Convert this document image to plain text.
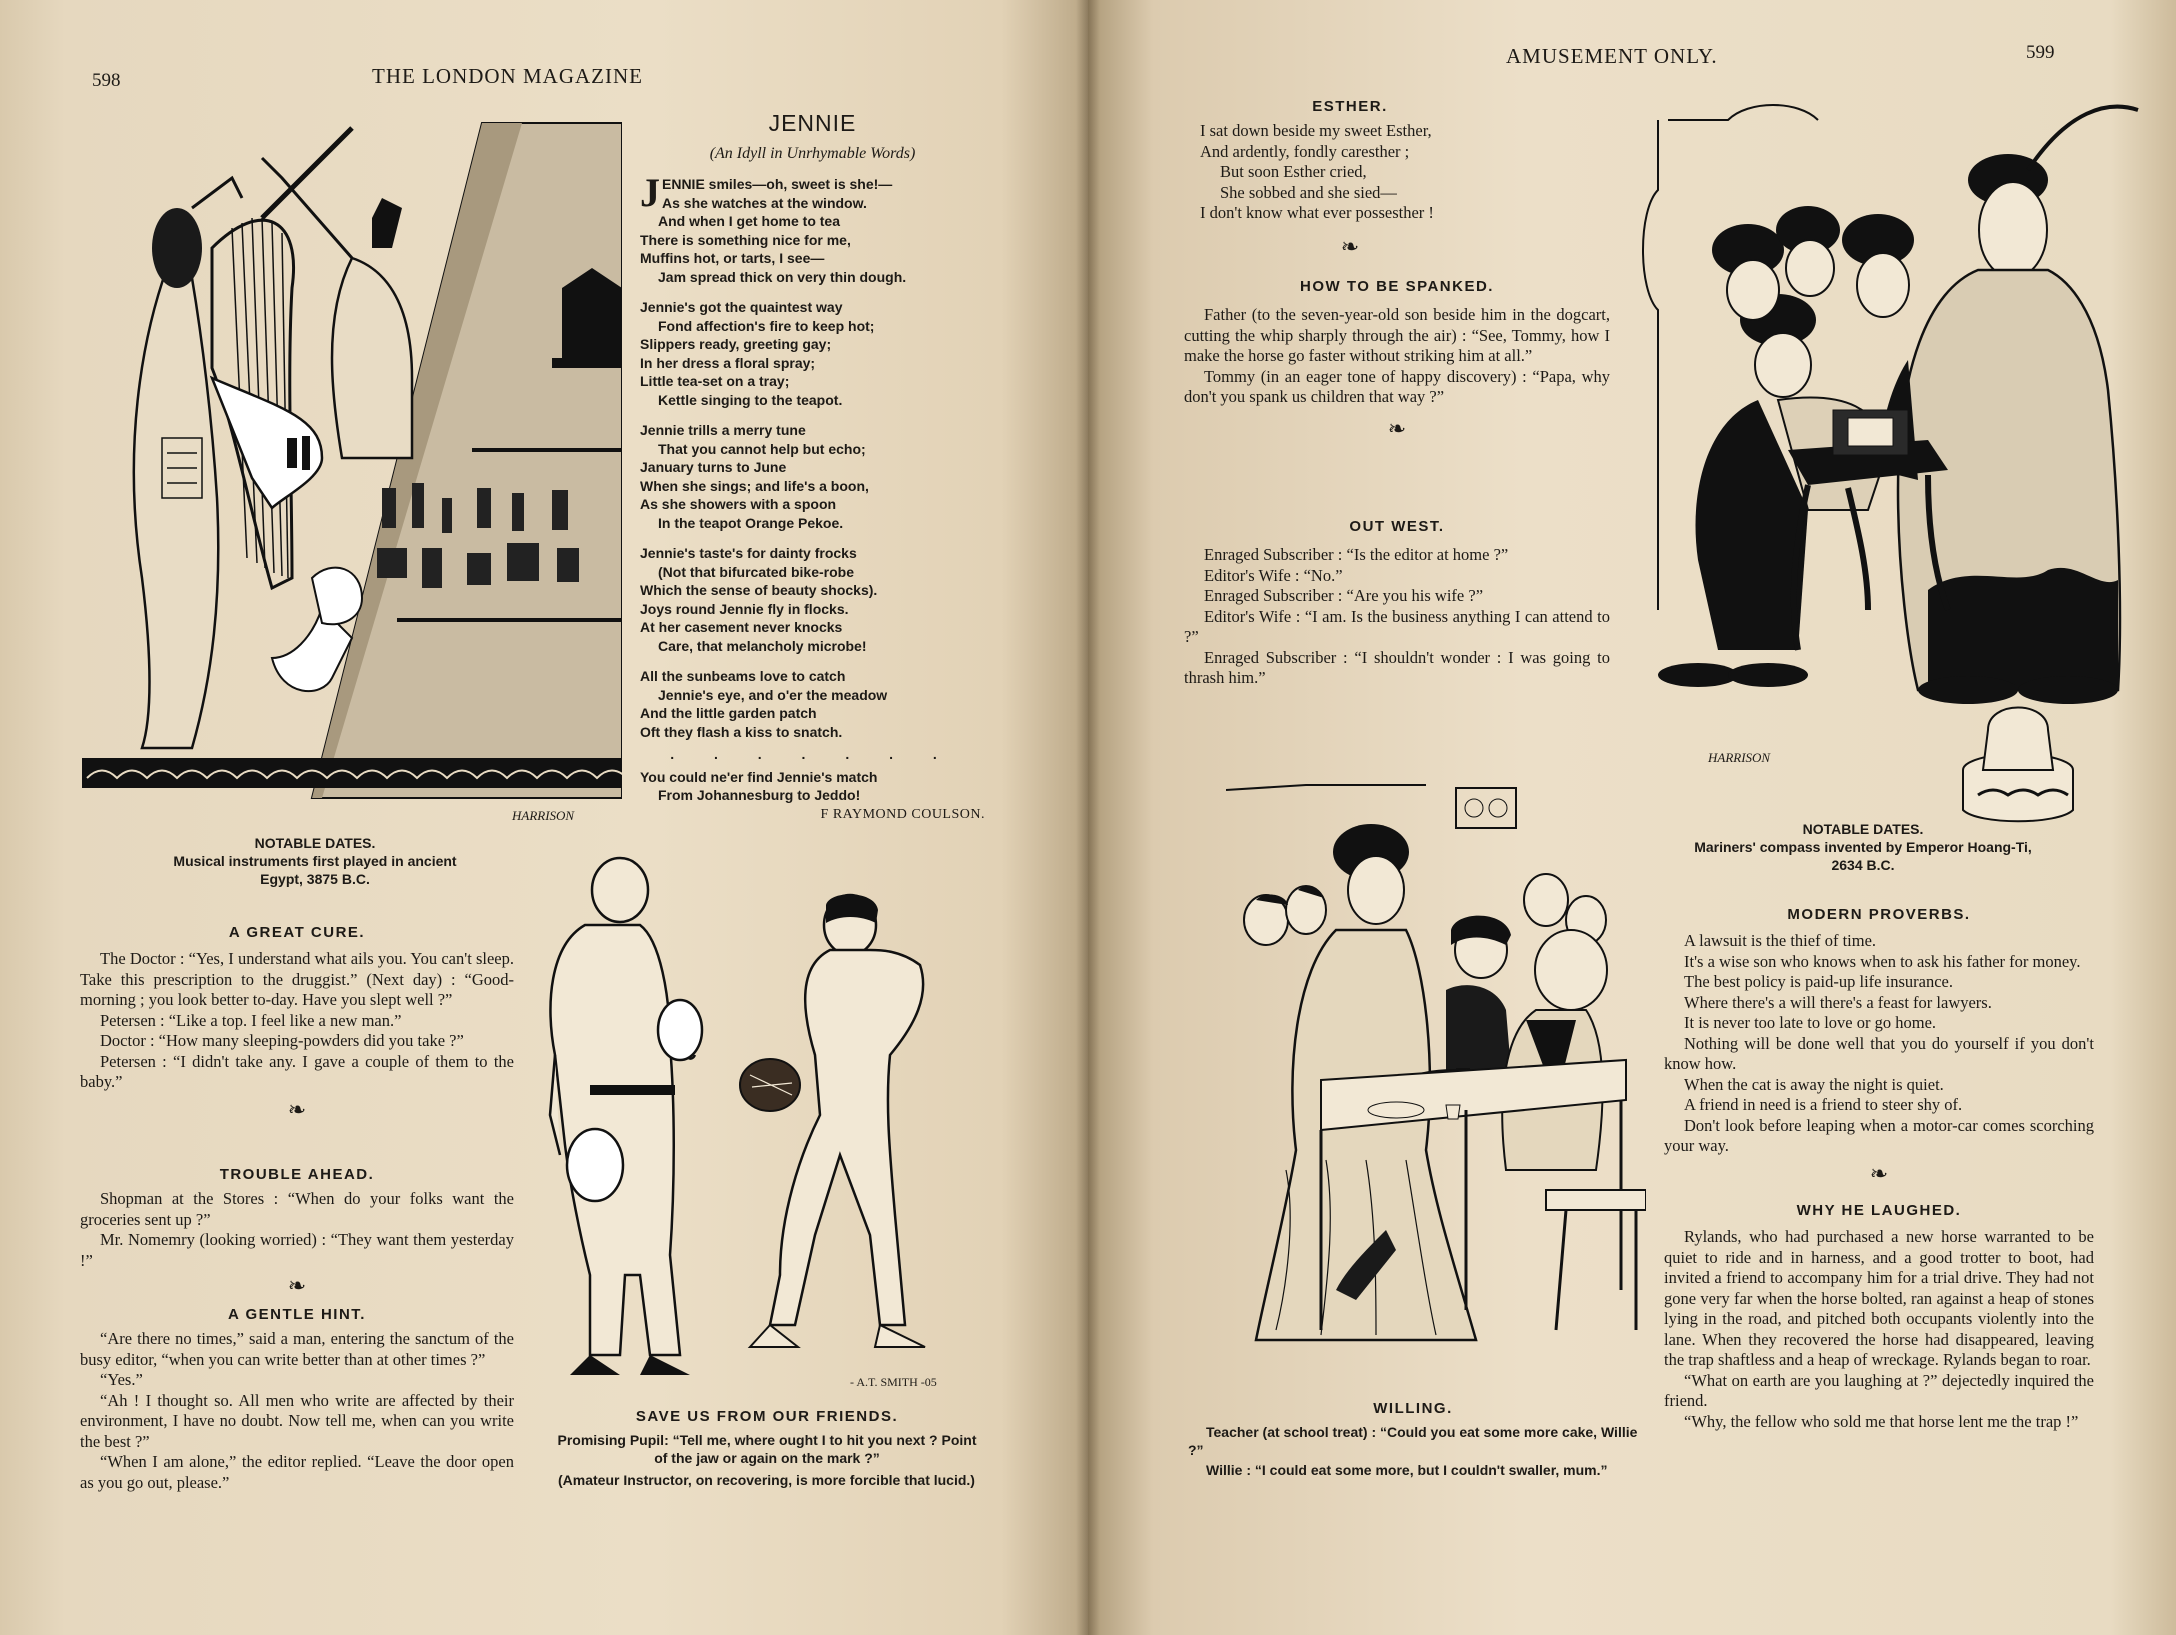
598	THE LONDON MAGAZINE
HARRISON
JENNIE
(An Idyll in Unrhymable Words)
J ENNIE smiles—oh, sweet is she!—
As she watches at the window.
And when I get home to tea
There is something nice for me,
Muffins hot, or tarts, I see—
Jam spread thick on very thin dough.
Jennie's got the quaintest way
Fond affection's fire to keep hot;
Slippers ready, greeting gay;
In her dress a floral spray;
Little tea-set on a tray;
Kettle singing to the teapot.
Jennie trills a merry tune
That you cannot help but echo;
January turns to June
When she sings; and life's a boon,
As she showers with a spoon
In the teapot Orange Pekoe.
Jennie's taste's for dainty frocks
(Not that bifurcated bike-robe
Which the sense of beauty shocks).
Joys round Jennie fly in flocks.
At her casement never knocks
Care, that melancholy microbe!
All the sunbeams love to catch
Jennie's eye, and o'er the meadow
And the little garden patch
Oft they flash a kiss to snatch.
. . . . . . .
You could ne'er find Jennie's match
From Johannesburg to Jeddo!
F RAYMOND COULSON.
NOTABLE DATES.
Musical instruments first played in ancient
Egypt, 3875 B.C.
A GREAT CURE.

The Doctor : “Yes, I understand what ails you. You can't sleep. Take this prescription to the druggist.” (Next day) : “Good-morning ; you look better to-day. Have you slept well ?”

Petersen : “Like a top. I feel like a new man.”

Doctor : “How many sleeping-powders did you take ?”

Petersen : “I didn't take any. I gave a couple of them to the baby.”

❧
TROUBLE AHEAD.

Shopman at the Stores : “When do your folks want the groceries sent up ?”

Mr. Nomemry (looking worried) : “They want them yesterday !”

❧
A GENTLE HINT.

“Are there no times,” said a man, entering the sanctum of the busy editor, “when you can write better than at other times ?”

“Yes.”

“Ah ! I thought so. All men who write are affected by their environment, I have no doubt. Now tell me, when can you write the best ?”

“When I am alone,” the editor replied. “Leave the door open as you go out, please.”

- A.T. SMITH -05
SAVE US FROM OUR FRIENDS.
Promising Pupil: “Tell me, where ought I to hit you next ? Point of the jaw or again on the mark ?”
(Amateur Instructor, on recovering, is more forcible that lucid.)
AMUSEMENT ONLY.	599
ESTHER.
I sat down beside my sweet Esther,
And ardently, fondly caresther ;
But soon Esther cried,
She sobbed and she sied—
I don't know what ever possesther !
❧
HOW TO BE SPANKED.

Father (to the seven-year-old son beside him in the dogcart, cutting the whip sharply through the air) : “See, Tommy, how I make the horse go faster without striking him at all.”

Tommy (in an eager tone of happy discovery) : “Papa, why don't you spank us children that way ?”

❧
OUT WEST.

Enraged Subscriber : “Is the editor at home ?”

Editor's Wife : “No.”

Enraged Subscriber : “Are you his wife ?”

Editor's Wife : “I am. Is the business anything I can attend to ?”

Enraged Subscriber : “I shouldn't wonder : I was going to thrash him.”

HARRISON
NOTABLE DATES.
Mariners' compass invented by Emperor Hoang-Ti,
2634 B.C.
MODERN PROVERBS.

A lawsuit is the thief of time.

It's a wise son who knows when to ask his father for money.

The best policy is paid-up life insurance.

Where there's a will there's a feast for lawyers.

It is never too late to love or go home.

Nothing will be done well that you do yourself if you don't know how.

When the cat is away the night is quiet.

A friend in need is a friend to steer shy of.

Don't look before leaping when a motor-car comes scorching your way.

❧
WHY HE LAUGHED.

Rylands, who had purchased a new horse warranted to be quiet to ride and in harness, and a good trotter to boot, had invited a friend to accompany him for a trial drive. They had not gone very far when the horse bolted, ran against a heap of stones lying in the road, and pitched both occupants violently into the lane. When they recovered the horse had disappeared, leaving the trap shaftless and a heap of wreckage. Rylands began to roar.

“What on earth are you laughing at ?” dejectedly inquired the friend.

“Why, the fellow who sold me that horse lent me the trap !”

WILLING.
Teacher (at school treat) : “Could you eat some more cake, Willie ?”
Willie : “I could eat some more, but I couldn't swaller, mum.”
